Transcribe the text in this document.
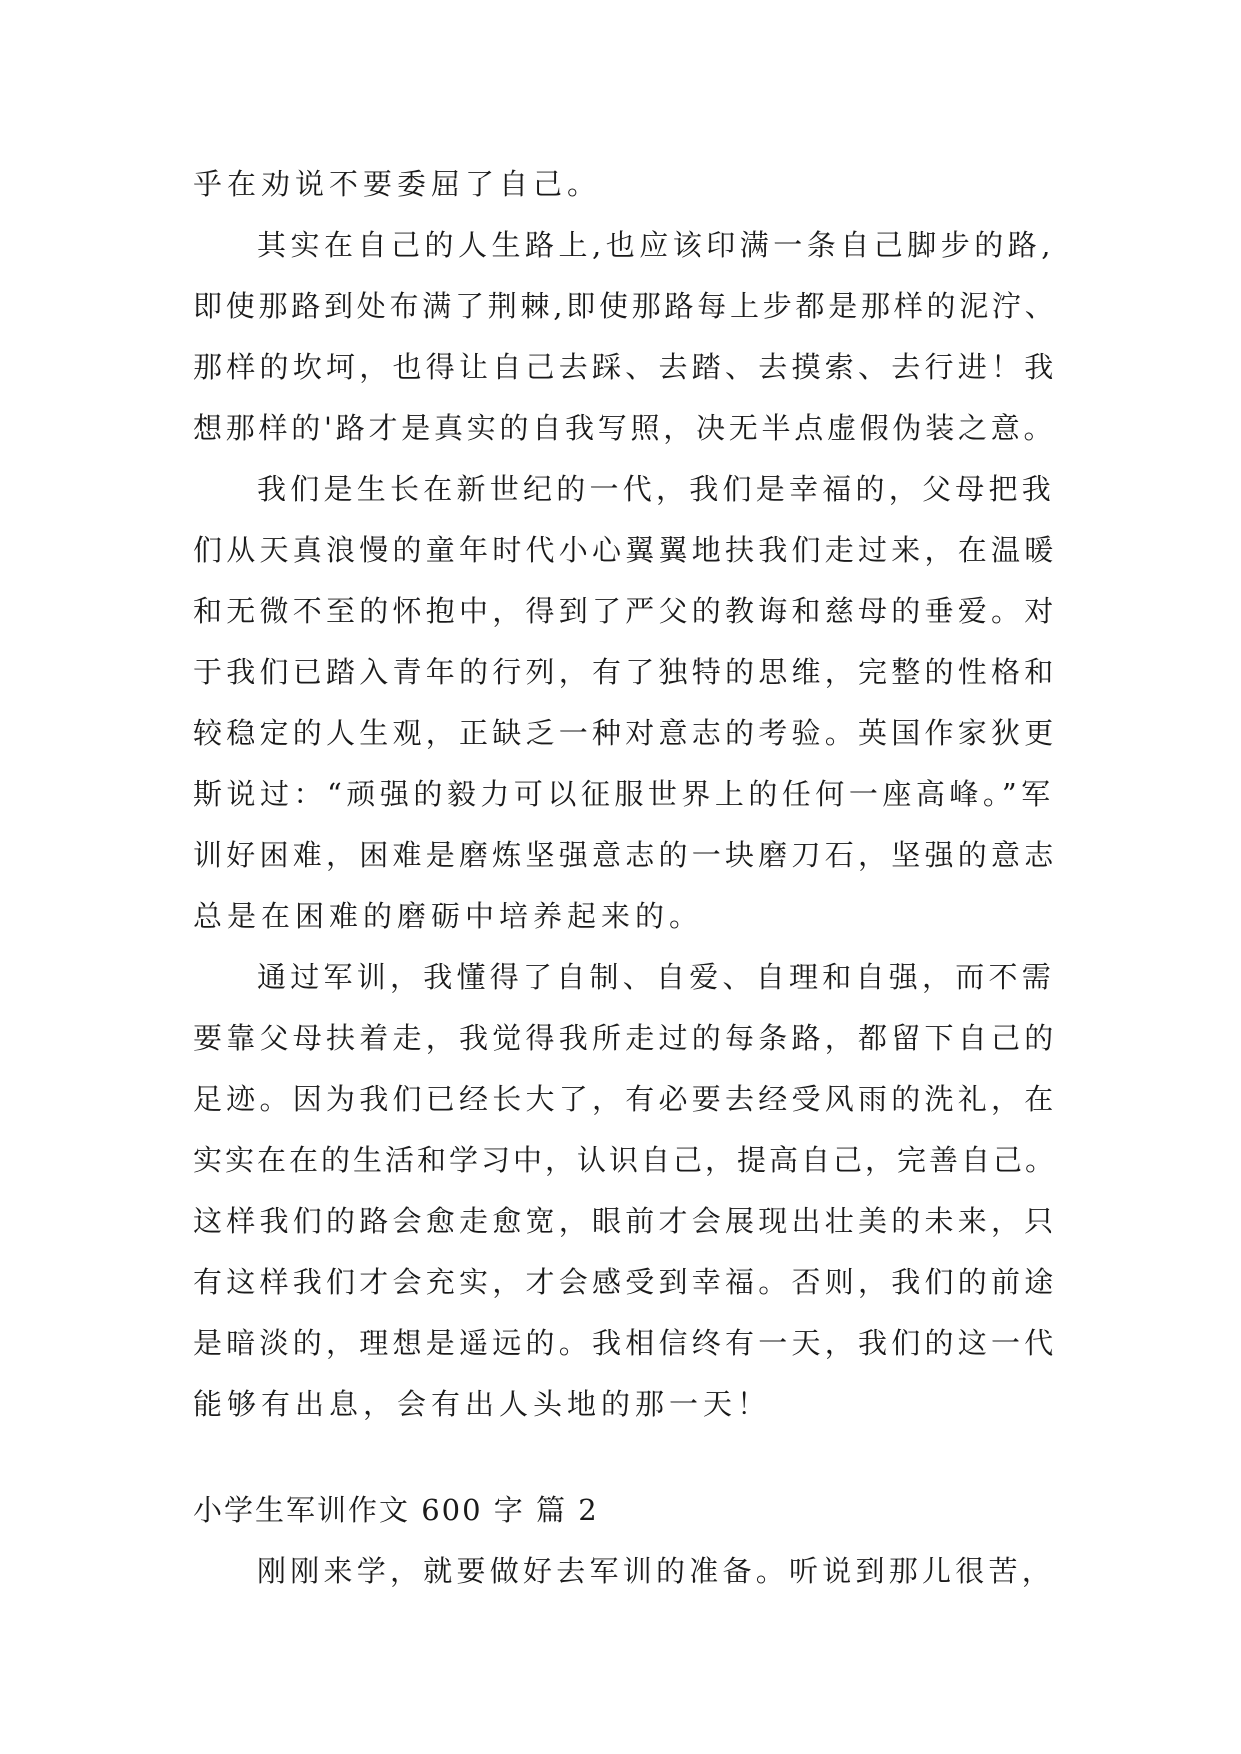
乎在劝说不要委屈了自己。
其实在自己的人生路上,也应该印满一条自己脚步的路,
即使那路到处布满了荆棘,即使那路每上步都是那样的泥泞、
那样的坎坷，也得让自己去踩、去踏、去摸索、去行进！我
想那样的'路才是真实的自我写照，决无半点虚假伪装之意。
我们是生长在新世纪的一代，我们是幸福的，父母把我
们从天真浪慢的童年时代小心翼翼地扶我们走过来，在温暖
和无微不至的怀抱中，得到了严父的教诲和慈母的垂爱。对
于我们已踏入青年的行列，有了独特的思维，完整的性格和
较稳定的人生观，正缺乏一种对意志的考验。英国作家狄更
斯说过：“顽强的毅力可以征服世界上的任何一座高峰。”军
训好困难，困难是磨炼坚强意志的一块磨刀石，坚强的意志
总是在困难的磨砺中培养起来的。
通过军训，我懂得了自制、自爱、自理和自强，而不需
要靠父母扶着走，我觉得我所走过的每条路，都留下自己的
足迹。因为我们已经长大了，有必要去经受风雨的洗礼，在
实实在在的生活和学习中，认识自己，提高自己，完善自己。
这样我们的路会愈走愈宽，眼前才会展现出壮美的未来，只
有这样我们才会充实，才会感受到幸福。否则，我们的前途
是暗淡的，理想是遥远的。我相信终有一天，我们的这一代
能够有出息，会有出人头地的那一天！
小学生军训作文 600 字 篇 2
刚刚来学，就要做好去军训的准备。听说到那儿很苦，
